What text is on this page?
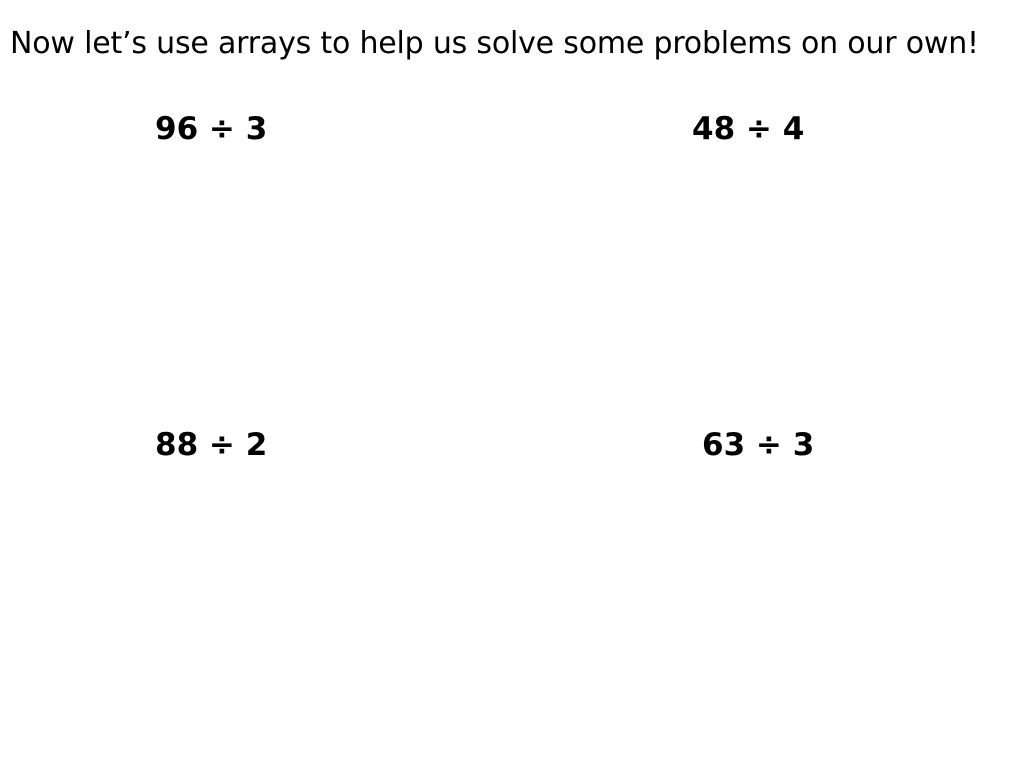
Now let’s use arrays to help us solve some problems on our own!
96 ÷ 3	48 ÷ 4
88 ÷ 2	63 ÷ 3
